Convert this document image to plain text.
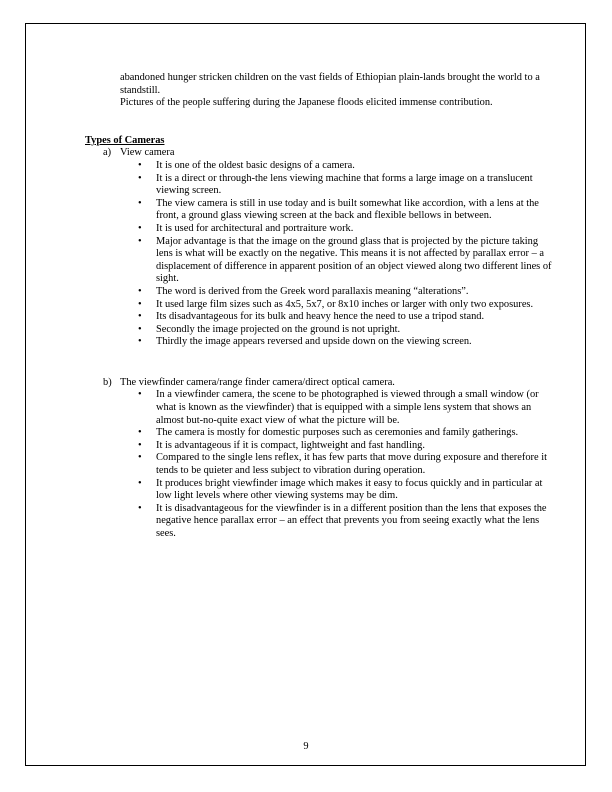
abandoned hunger stricken children on the vast fields of Ethiopian plain-lands brought the world to a standstill.

Pictures of the people suffering during the Japanese floods elicited immense contribution.

Types of Cameras
a) View camera
• It is one of the oldest basic designs of a camera.
• It is a direct or through-the lens viewing machine that forms a large image on a translucent viewing screen.
• The view camera is still in use today and is built somewhat like accordion, with a lens at the front, a ground glass viewing screen at the back and flexible bellows in between.
• It is used for architectural and portraiture work.
• Major advantage is that the image on the ground glass that is projected by the picture taking lens is what will be exactly on the negative. This means it is not affected by parallax error – a displacement of difference in apparent position of an object viewed along two different lines of sight.
• The word is derived from the Greek word parallaxis meaning “alterations”.
• It used large film sizes such as 4x5, 5x7, or 8x10 inches or larger with only two exposures.
• Its disadvantageous for its bulk and heavy hence the need to use a tripod stand.
• Secondly the image projected on the ground is not upright.
• Thirdly the image appears reversed and upside down on the viewing screen.
b) The viewfinder camera/range finder camera/direct optical camera.
• In a viewfinder camera, the scene to be photographed is viewed through a small window (or what is known as the viewfinder) that is equipped with a simple lens system that shows an almost but-no-quite exact view of what the picture will be.
• The camera is mostly for domestic purposes such as ceremonies and family gatherings.
• It is advantageous if it is compact, lightweight and fast handling.
• Compared to the single lens reflex, it has few parts that move during exposure and therefore it tends to be quieter and less subject to vibration during operation.
• It produces bright viewfinder image which makes it easy to focus quickly and in particular at low light levels where other viewing systems may be dim.
• It is disadvantageous for the viewfinder is in a different position than the lens that exposes the negative hence parallax error – an effect that prevents you from seeing exactly what the lens sees.
9
